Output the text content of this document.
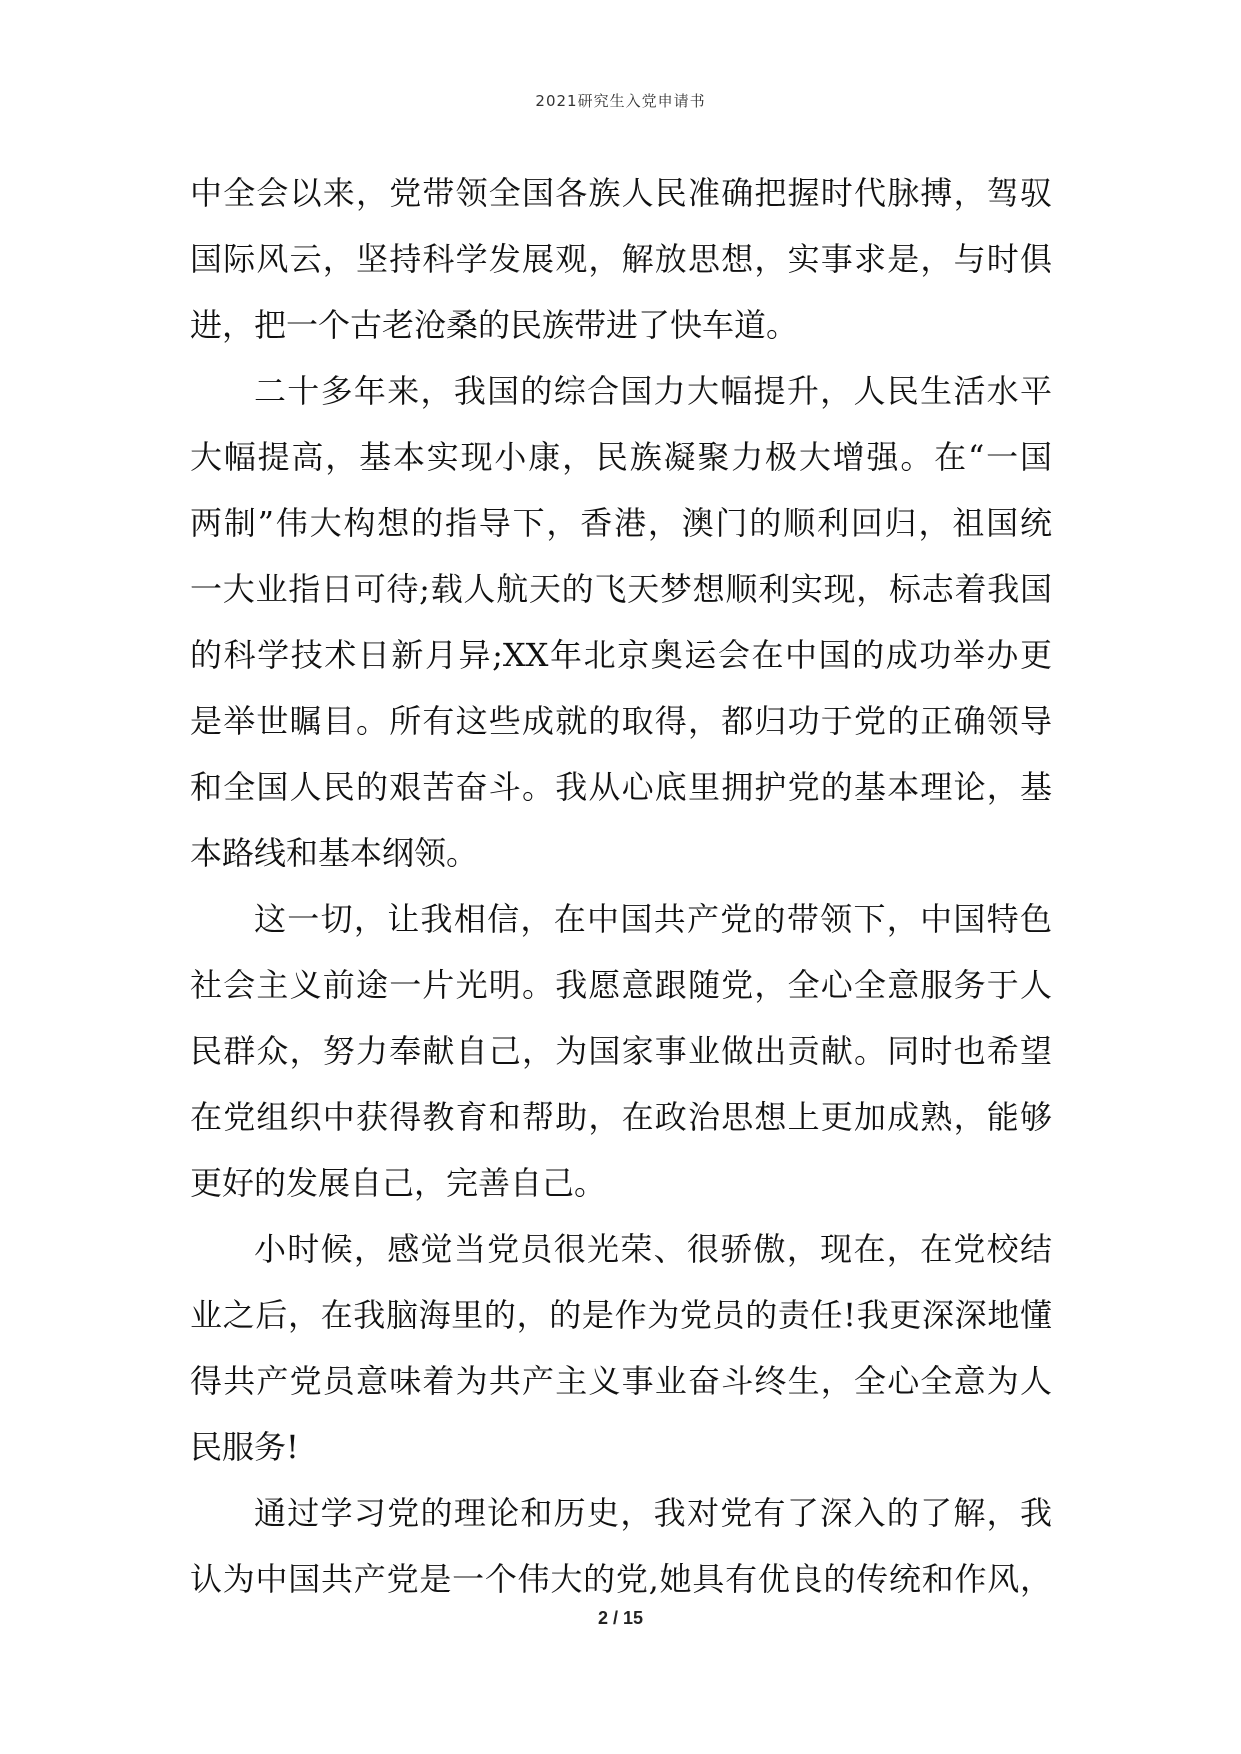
2021研究生入党申请书
中全会以来，党带领全国各族人民准确把握时代脉搏，驾驭
国际风云，坚持科学发展观，解放思想，实事求是，与时俱
进，把一个古老沧桑的民族带进了快车道。
二十多年来，我国的综合国力大幅提升，人民生活水平
大幅提高，基本实现小康，民族凝聚力极大增强。在“一国
两制”伟大构想的指导下，香港，澳门的顺利回归，祖国统
一大业指日可待;载人航天的飞天梦想顺利实现，标志着我国
的科学技术日新月异;XX年北京奥运会在中国的成功举办更
是举世瞩目。所有这些成就的取得，都归功于党的正确领导
和全国人民的艰苦奋斗。我从心底里拥护党的基本理论，基
本路线和基本纲领。
这一切，让我相信，在中国共产党的带领下，中国特色
社会主义前途一片光明。我愿意跟随党，全心全意服务于人
民群众，努力奉献自己，为国家事业做出贡献。同时也希望
在党组织中获得教育和帮助，在政治思想上更加成熟，能够
更好的发展自己，完善自己。
小时候，感觉当党员很光荣、很骄傲，现在，在党校结
业之后，在我脑海里的，的是作为党员的责任!我更深深地懂
得共产党员意味着为共产主义事业奋斗终生，全心全意为人
民服务!
通过学习党的理论和历史，我对党有了深入的了解，我
认为中国共产党是一个伟大的党,她具有优良的传统和作风，
2 / 15
